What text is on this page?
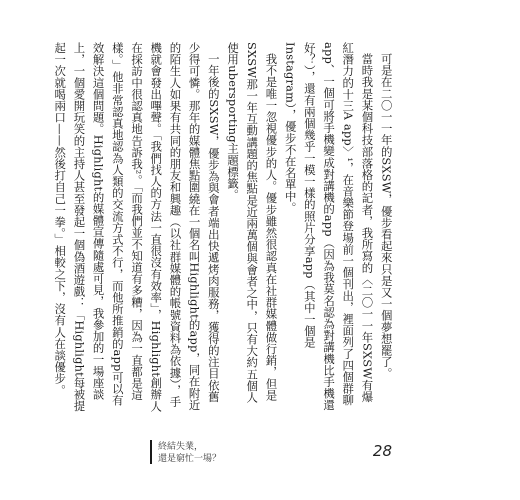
可是在二〇一一年的SXSW，優步看起來只是又一個夢想罷了。

當時我是某個科技部落格的記者，我所寫的〈二〇一一年SXSW有爆紅潛力的十三A app〉¹，在音樂節登場前一個刊出，裡面列了四個群聊app、一個可將手機變成對講機的app（因為我莫名認為對講機比手機還好？），還有兩個幾乎一模一樣的照片分享app（其中一個是Instagram），優步不在名單中。

我不是唯一忽視優步的人。優步雖然很認真在社群媒體做行銷，但是SXSW那一年互動講題的焦點是近兩萬個與會者之中，只有大約五個人使用ubersporting主題標籤。

一年後的SXSW，優步為與會者端出快遞烤肉服務，獲得的注目依舊少得可憐。那年的媒體焦點圍繞在一個名叫Highlight的app，同在附近的陌生人如果有共同的朋友和興趣（以社群媒體的帳號資料為依據），手機就會發出嗶聲。「我們找人的方法一直很沒有效率」，Highlight創辦人在採訪中很認真地告訴我²。「而我們並不知道有多糟，因為一直都是這樣。」他非常認真地認為人類的交流方式不行，而他所推銷的app可以有效解決這個問題。Highlight的媒體宣傳隨處可見，我參加的一場座談上，一個愛開玩笑的主持人甚至發起一個偽酒遊戲：「Highlight每被提起一次就喝兩口——然後打自己一拳。」相較之下，沒有人在談優步。

終結失業，
還是窮忙一場？	28
